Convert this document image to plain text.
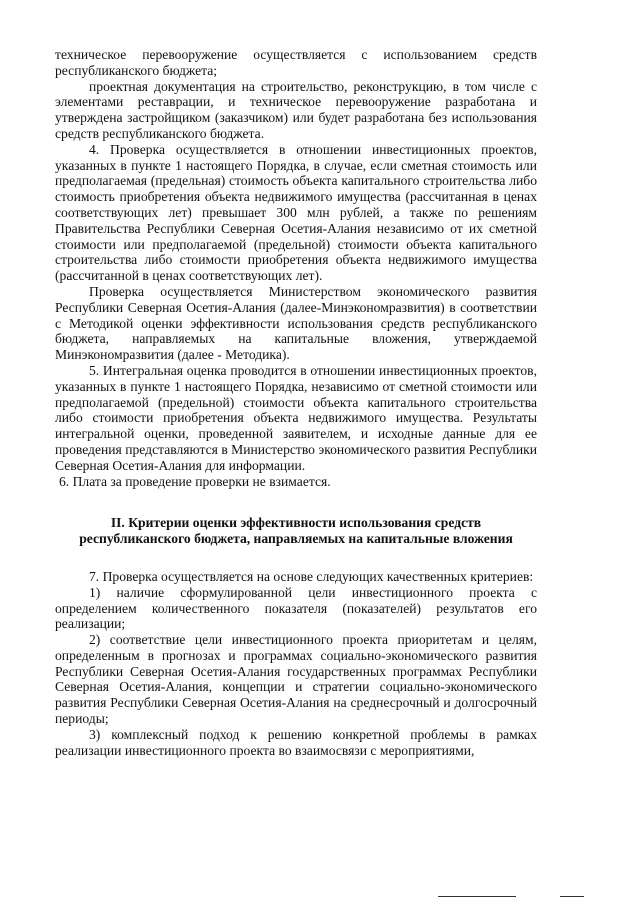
техническое перевооружение осуществляется с использованием средств республиканского бюджета;

проектная документация на строительство, реконструкцию, в том числе с элементами реставрации, и техническое перевооружение разработана и утверждена застройщиком (заказчиком) или будет разработана без использования средств республиканского бюджета.

4. Проверка осуществляется в отношении инвестиционных проектов, указанных в пункте 1 настоящего Порядка, в случае, если сметная стоимость или предполагаемая (предельная) стоимость объекта капитального строительства либо стоимость приобретения объекта недвижимого имущества (рассчитанная в ценах соответствующих лет) превышает 300 млн рублей, а также по решениям Правительства Республики Северная Осетия-Алания независимо от их сметной стоимости или предполагаемой (предельной) стоимости объекта капитального строительства либо стоимости приобретения объекта недвижимого имущества (рассчитанной в ценах соответствующих лет).

Проверка осуществляется Министерством экономического развития Республики Северная Осетия-Алания (далее-Минэкономразвития) в соответствии с Методикой оценки эффективности использования средств республиканского бюджета, направляемых на капитальные вложения, утверждаемой Минэкономразвития (далее - Методика).

5. Интегральная оценка проводится в отношении инвестиционных проектов, указанных в пункте 1 настоящего Порядка, независимо от сметной стоимости или предполагаемой (предельной) стоимости объекта капитального строительства либо стоимости приобретения объекта недвижимого имущества. Результаты интегральной оценки, проведенной заявителем, и исходные данные для ее проведения представляются в Министерство экономического развития Республики Северная Осетия-Алания для информации.

6. Плата за проведение проверки не взимается.

II. Критерии оценки эффективности использования средств
республиканского бюджета, направляемых на капитальные вложения

7. Проверка осуществляется на основе следующих качественных критериев:

1) наличие сформулированной цели инвестиционного проекта с определением количественного показателя (показателей) результатов его реализации;

2) соответствие цели инвестиционного проекта приоритетам и целям, определенным в прогнозах и программах социально-экономического развития Республики Северная Осетия-Алания государственных программах Республики Северная Осетия-Алания, концепции и стратегии социально-экономического развития Республики Северная Осетия-Алания на среднесрочный и долгосрочный периоды;

3) комплексный подход к решению конкретной проблемы в рамках реализации инвестиционного проекта во взаимосвязи с мероприятиями,
